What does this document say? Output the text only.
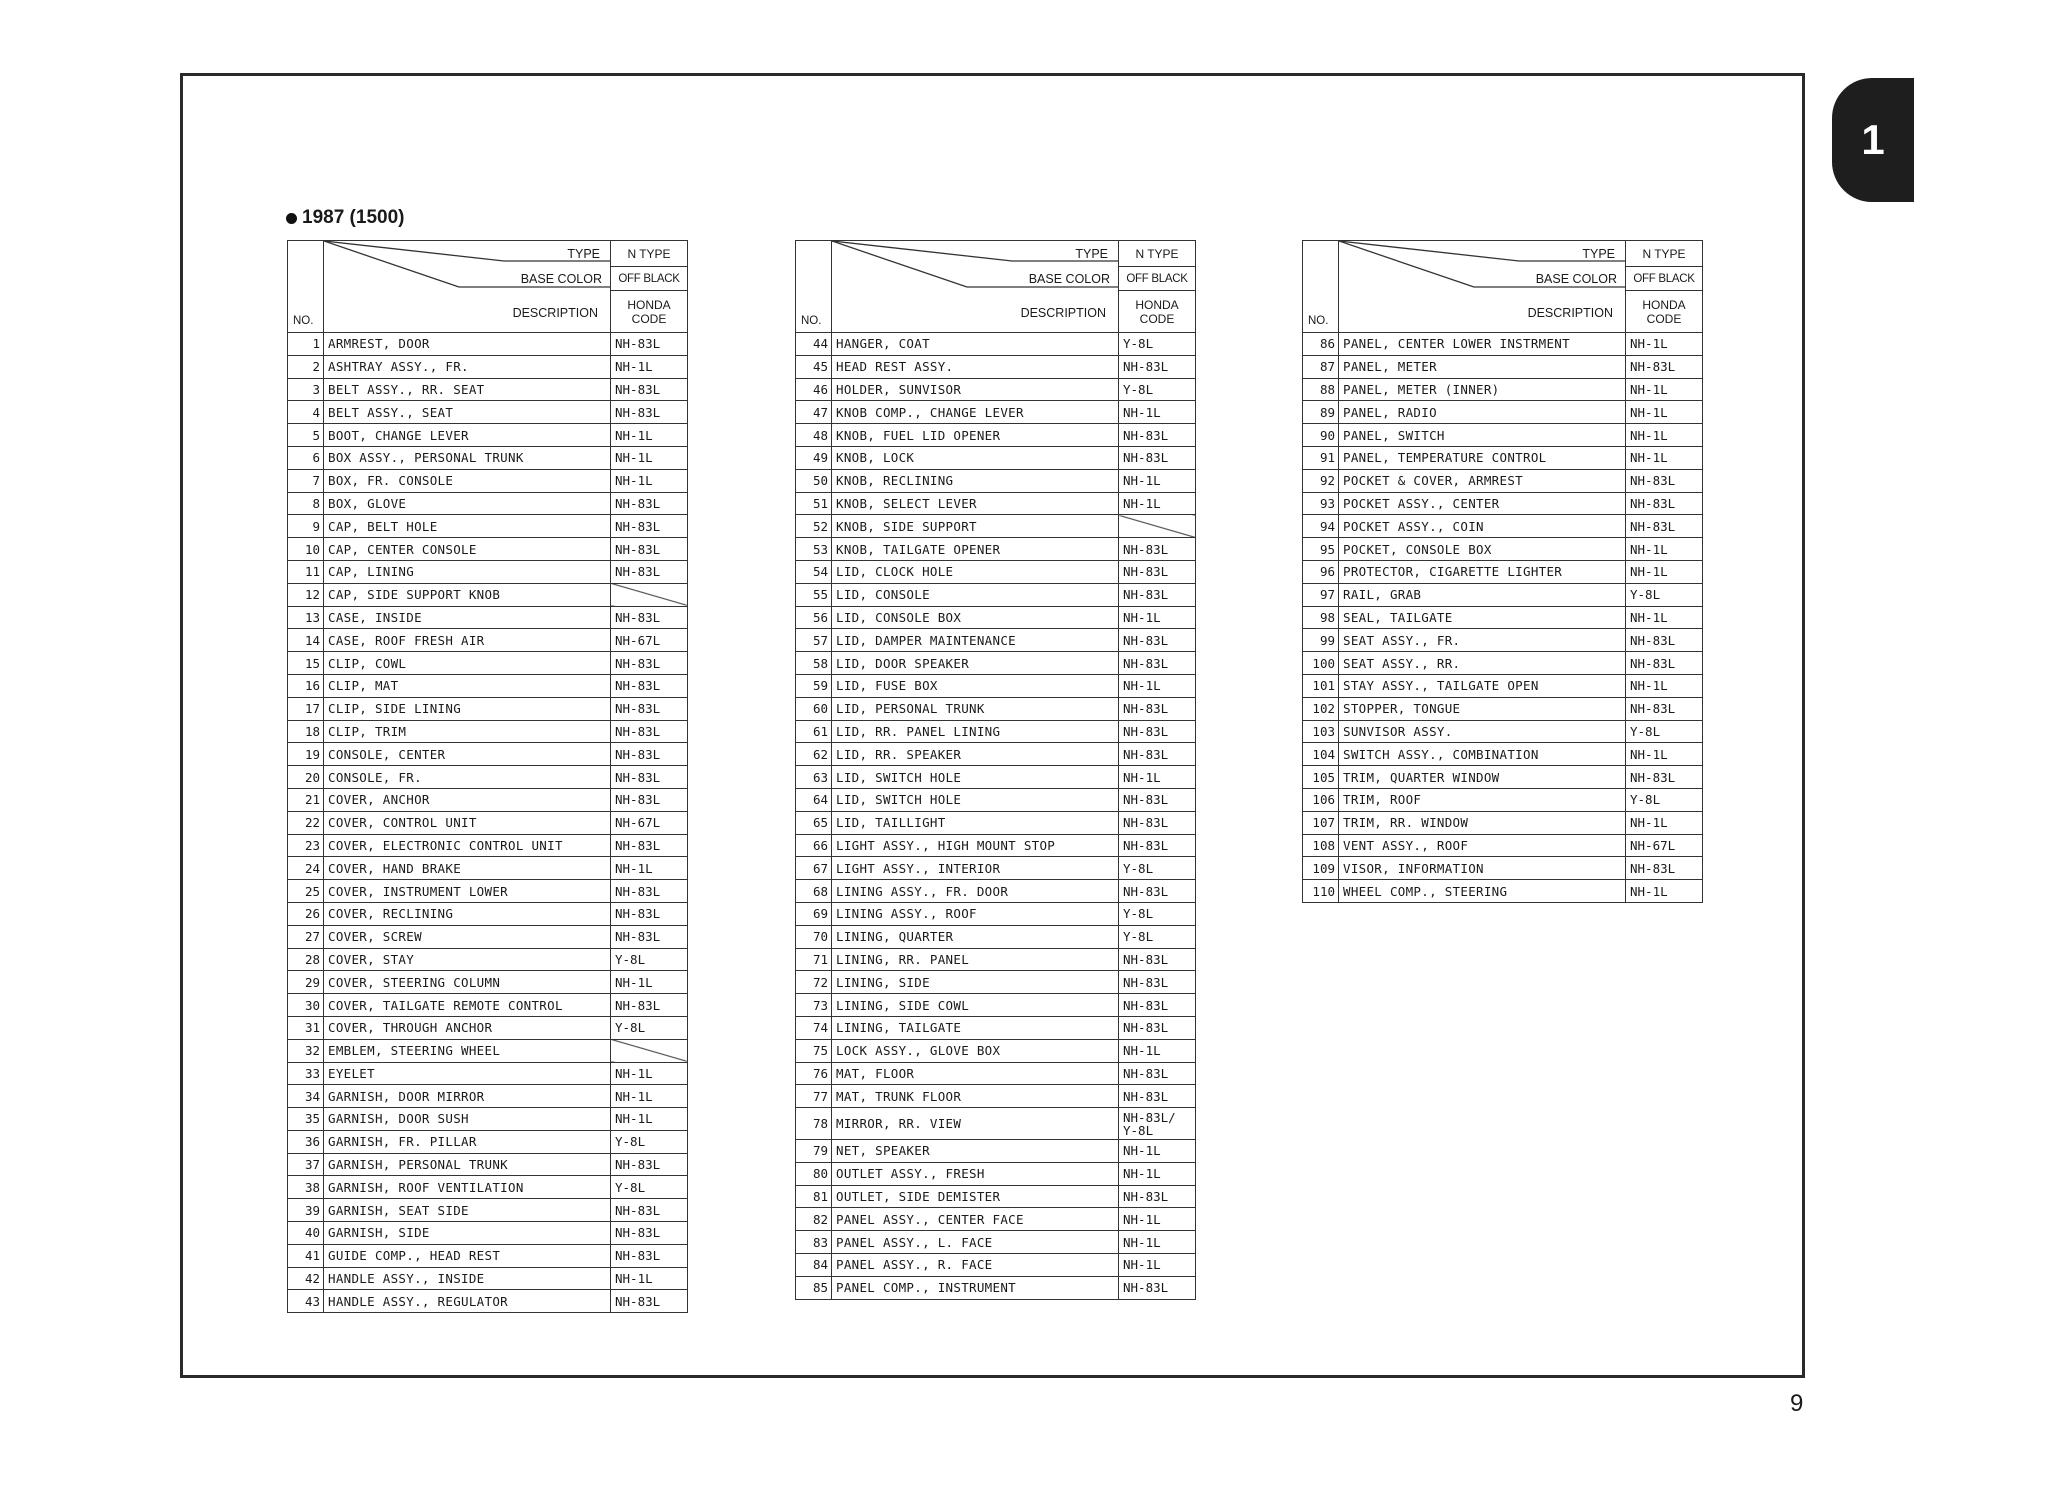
1
1987 (1500)
NO.	TYPE
BASE COLOR
DESCRIPTION	N TYPE
		OFF BLACK

		HONDA
CODE

1	ARMREST, DOOR	NH-83L
2	ASHTRAY ASSY., FR.	NH-1L
3	BELT ASSY., RR. SEAT	NH-83L
4	BELT ASSY., SEAT	NH-83L
5	BOOT, CHANGE LEVER	NH-1L
6	BOX ASSY., PERSONAL TRUNK	NH-1L
7	BOX, FR. CONSOLE	NH-1L
8	BOX, GLOVE	NH-83L
9	CAP, BELT HOLE	NH-83L
10	CAP, CENTER CONSOLE	NH-83L
11	CAP, LINING	NH-83L
12	CAP, SIDE SUPPORT KNOB	
13	CASE, INSIDE	NH-83L
14	CASE, ROOF FRESH AIR	NH-67L
15	CLIP, COWL	NH-83L
16	CLIP, MAT	NH-83L
17	CLIP, SIDE LINING	NH-83L
18	CLIP, TRIM	NH-83L
19	CONSOLE, CENTER	NH-83L
20	CONSOLE, FR.	NH-83L
21	COVER, ANCHOR	NH-83L
22	COVER, CONTROL UNIT	NH-67L
23	COVER, ELECTRONIC CONTROL UNIT	NH-83L
24	COVER, HAND BRAKE	NH-1L
25	COVER, INSTRUMENT LOWER	NH-83L
26	COVER, RECLINING	NH-83L
27	COVER, SCREW	NH-83L
28	COVER, STAY	Y-8L
29	COVER, STEERING COLUMN	NH-1L
30	COVER, TAILGATE REMOTE CONTROL	NH-83L
31	COVER, THROUGH ANCHOR	Y-8L
32	EMBLEM, STEERING WHEEL	
33	EYELET	NH-1L
34	GARNISH, DOOR MIRROR	NH-1L
35	GARNISH, DOOR SUSH	NH-1L
36	GARNISH, FR. PILLAR	Y-8L
37	GARNISH, PERSONAL TRUNK	NH-83L
38	GARNISH, ROOF VENTILATION	Y-8L
39	GARNISH, SEAT SIDE	NH-83L
40	GARNISH, SIDE	NH-83L
41	GUIDE COMP., HEAD REST	NH-83L
42	HANDLE ASSY., INSIDE	NH-1L
43	HANDLE ASSY., REGULATOR	NH-83L
NO.	TYPE
BASE COLOR
DESCRIPTION	N TYPE
		OFF BLACK

		HONDA
CODE

44	HANGER, COAT	Y-8L
45	HEAD REST ASSY.	NH-83L
46	HOLDER, SUNVISOR	Y-8L
47	KNOB COMP., CHANGE LEVER	NH-1L
48	KNOB, FUEL LID OPENER	NH-83L
49	KNOB, LOCK	NH-83L
50	KNOB, RECLINING	NH-1L
51	KNOB, SELECT LEVER	NH-1L
52	KNOB, SIDE SUPPORT	
53	KNOB, TAILGATE OPENER	NH-83L
54	LID, CLOCK HOLE	NH-83L
55	LID, CONSOLE	NH-83L
56	LID, CONSOLE BOX	NH-1L
57	LID, DAMPER MAINTENANCE	NH-83L
58	LID, DOOR SPEAKER	NH-83L
59	LID, FUSE BOX	NH-1L
60	LID, PERSONAL TRUNK	NH-83L
61	LID, RR. PANEL LINING	NH-83L
62	LID, RR. SPEAKER	NH-83L
63	LID, SWITCH HOLE	NH-1L
64	LID, SWITCH HOLE	NH-83L
65	LID, TAILLIGHT	NH-83L
66	LIGHT ASSY., HIGH MOUNT STOP	NH-83L
67	LIGHT ASSY., INTERIOR	Y-8L
68	LINING ASSY., FR. DOOR	NH-83L
69	LINING ASSY., ROOF	Y-8L
70	LINING, QUARTER	Y-8L
71	LINING, RR. PANEL	NH-83L
72	LINING, SIDE	NH-83L
73	LINING, SIDE COWL	NH-83L
74	LINING, TAILGATE	NH-83L
75	LOCK ASSY., GLOVE BOX	NH-1L
76	MAT, FLOOR	NH-83L
77	MAT, TRUNK FLOOR	NH-83L
78	MIRROR, RR. VIEW	NH-83L/
Y-8L

79	NET, SPEAKER	NH-1L
80	OUTLET ASSY., FRESH	NH-1L
81	OUTLET, SIDE DEMISTER	NH-83L
82	PANEL ASSY., CENTER FACE	NH-1L
83	PANEL ASSY., L. FACE	NH-1L
84	PANEL ASSY., R. FACE	NH-1L
85	PANEL COMP., INSTRUMENT	NH-83L
NO.	TYPE
BASE COLOR
DESCRIPTION	N TYPE
		OFF BLACK

		HONDA
CODE

86	PANEL, CENTER LOWER INSTRMENT	NH-1L
87	PANEL, METER	NH-83L
88	PANEL, METER (INNER)	NH-1L
89	PANEL, RADIO	NH-1L
90	PANEL, SWITCH	NH-1L
91	PANEL, TEMPERATURE CONTROL	NH-1L
92	POCKET & COVER, ARMREST	NH-83L
93	POCKET ASSY., CENTER	NH-83L
94	POCKET ASSY., COIN	NH-83L
95	POCKET, CONSOLE BOX	NH-1L
96	PROTECTOR, CIGARETTE LIGHTER	NH-1L
97	RAIL, GRAB	Y-8L
98	SEAL, TAILGATE	NH-1L
99	SEAT ASSY., FR.	NH-83L
100	SEAT ASSY., RR.	NH-83L
101	STAY ASSY., TAILGATE OPEN	NH-1L
102	STOPPER, TONGUE	NH-83L
103	SUNVISOR ASSY.	Y-8L
104	SWITCH ASSY., COMBINATION	NH-1L
105	TRIM, QUARTER WINDOW	NH-83L
106	TRIM, ROOF	Y-8L
107	TRIM, RR. WINDOW	NH-1L
108	VENT ASSY., ROOF	NH-67L
109	VISOR, INFORMATION	NH-83L
110	WHEEL COMP., STEERING	NH-1L
9
